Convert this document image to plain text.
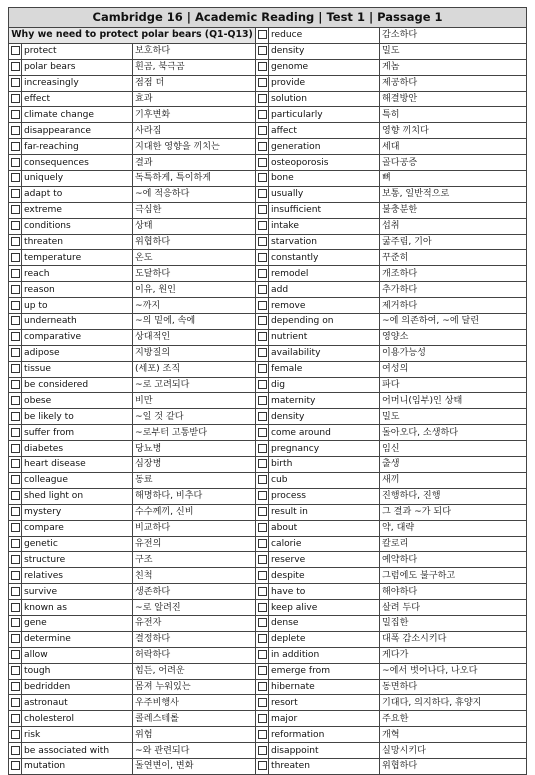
Cambridge 16 | Academic Reading | Test 1 | Passage 1					
Why we need to protect polar bears (Q1-Q13)				reduce	감소하다
	protect	보호하다		density	밀도
	polar bears	흰곰, 북극곰		genome	게놈
	increasingly	점점 더		provide	제공하다
	effect	효과		solution	해결방안
	climate change	기후변화		particularly	특히
	disappearance	사라짐		affect	영향 끼치다
	far-reaching	지대한 영향을 끼치는		generation	세대
	consequences	결과		osteoporosis	골다공증
	uniquely	독특하게, 특이하게		bone	뼈
	adapt to	~에 적응하다		usually	보통, 일반적으로
	extreme	극심한		insufficient	불충분한
	conditions	상태		intake	섭취
	threaten	위협하다		starvation	굶주림, 기아
	temperature	온도		constantly	꾸준히
	reach	도달하다		remodel	개조하다
	reason	이유, 원인		add	추가하다
	up to	~까지		remove	제거하다
	underneath	~의 밑에, 속에		depending on	~에 의존하여, ~에 달린
	comparative	상대적인		nutrient	영양소
	adipose	지방질의		availability	이용가능성
	tissue	(세포) 조직		female	여성의
	be considered	~로 고려되다		dig	파다
	obese	비만		maternity	어머니(임부)인 상태
	be likely to	~일 것 같다		density	밀도
	suffer from	~로부터 고통받다		come around	돌아오다, 소생하다
	diabetes	당뇨병		pregnancy	임신
	heart disease	심장병		birth	출생
	colleague	동료		cub	새끼
	shed light on	해명하다, 비추다		process	진행하다, 진행
	mystery	수수께끼, 신비		result in	그 결과 ~가 되다
	compare	비교하다		about	약, 대략
	genetic	유전의		calorie	칼로리
	structure	구조		reserve	예약하다
	relatives	친척		despite	그럼에도 불구하고
	survive	생존하다		have to	해야하다
	known as	~로 알려진		keep alive	살려 두다
	gene	유전자		dense	밀집한
	determine	결정하다		deplete	대폭 감소시키다
	allow	허락하다		in addition	게다가
	tough	힘든, 어려운		emerge from	~에서 벗어나다, 나오다
	bedridden	몸져 누워있는		hibernate	동면하다
	astronaut	우주비행사		resort	기대다, 의지하다, 휴양지
	cholesterol	콜레스테롤		major	주요한
	risk	위험		reformation	개혁
	be associated with	~와 관련되다		disappoint	실망시키다
	mutation	돌연변이, 변화		threaten	위협하다
